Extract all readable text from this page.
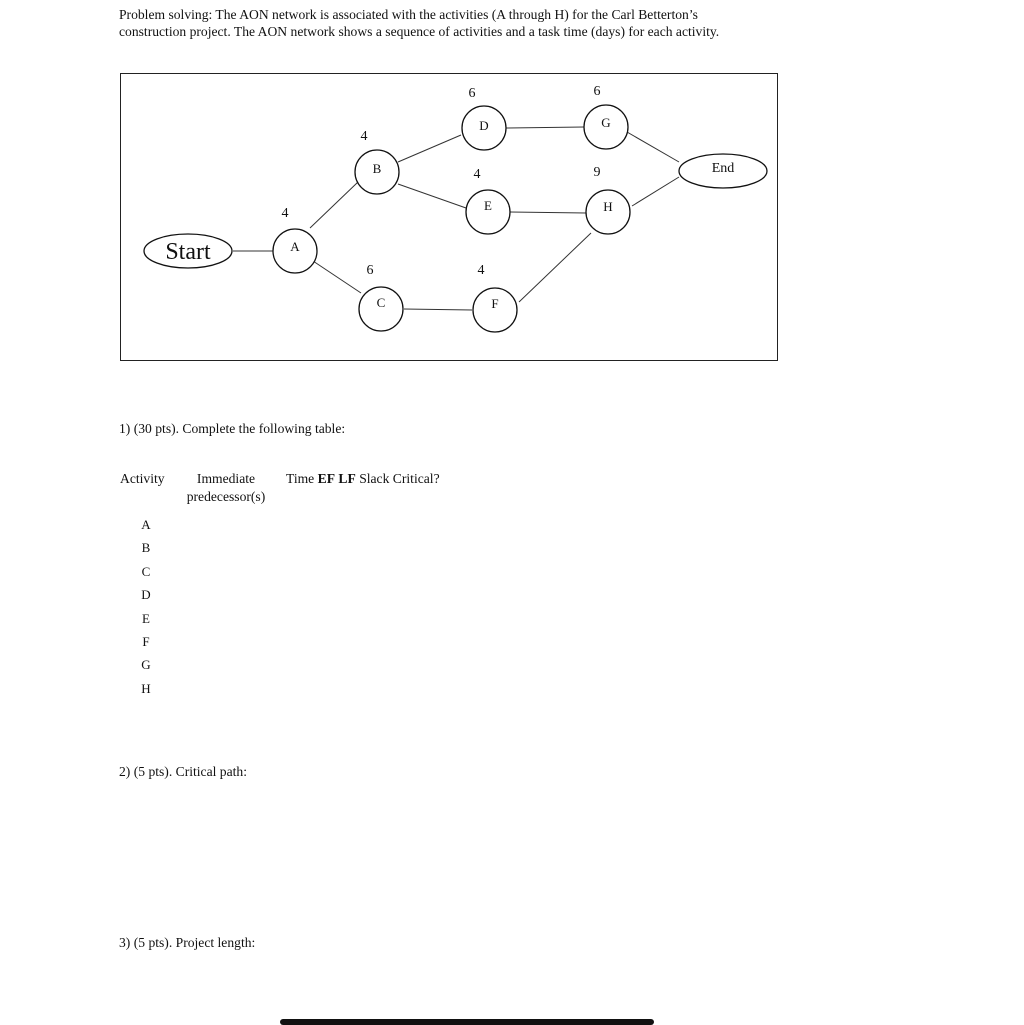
Problem solving: The AON network is associated with the activities (A through H) for the Carl Betterton’s
construction project. The AON network shows a sequence of activities and a task time (days) for each activity.

Start
End
A
4
B
4
C
6
D
6
E
4
F
4
G
6
H
9

1) (30 pts). Complete the following table:

Activity	Immediate
predecessor(s)
Time EF LF Slack Critical?
A
B
C
D
E
F
G
H

2) (5 pts). Critical path:

3) (5 pts). Project length:
